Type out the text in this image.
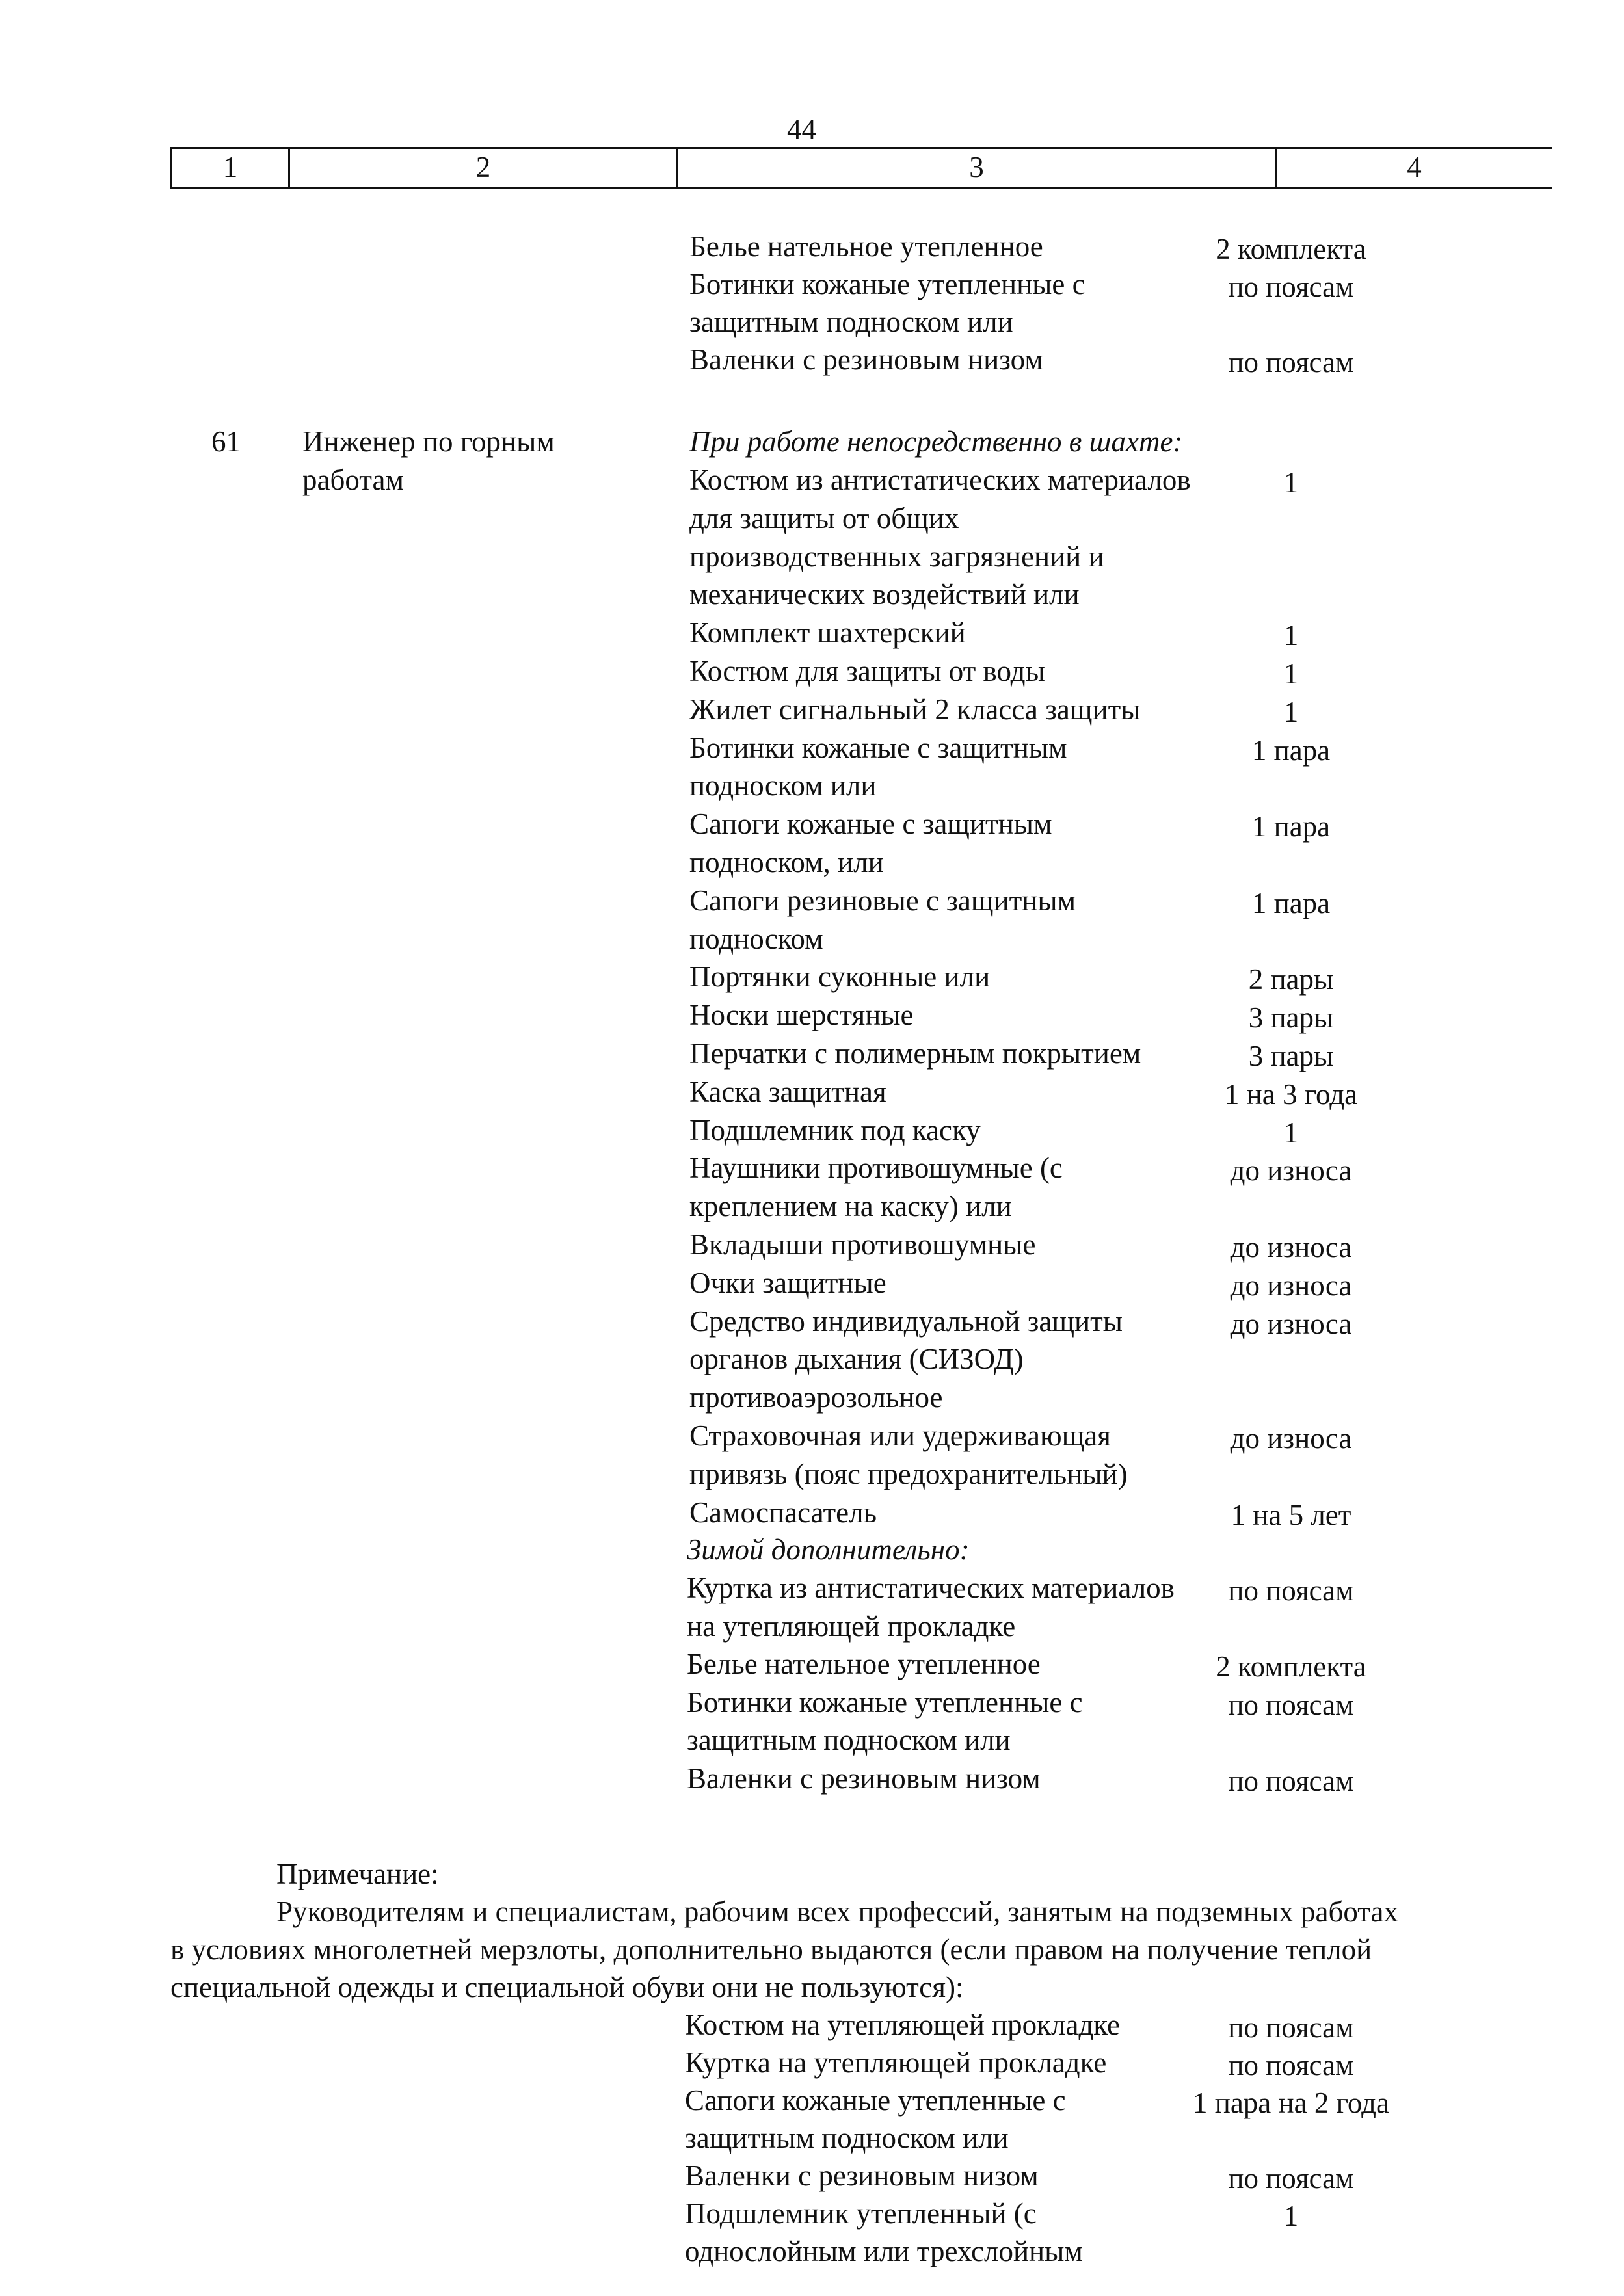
44
1	2	3	4
Белье нательное утепленное	2 комплекта
Ботинки кожаные утепленные с	по поясам
защитным подноском или
Валенки с резиновым низом	по поясам
61 Инженер по горным
работам
При работе непосредственно в шахте:
Костюм из антистатических материалов	1
для защиты от общих
производственных загрязнений и
механических воздействий или
Комплект шахтерский	1
Костюм для защиты от воды	1
Жилет сигнальный 2 класса защиты	1
Ботинки кожаные с защитным	1 пара
подноском или
Сапоги кожаные с защитным	1 пара
подноском, или
Сапоги резиновые с защитным	1 пара
подноском
Портянки суконные или	2 пары
Носки шерстяные	3 пары
Перчатки с полимерным покрытием	3 пары
Каска защитная	1 на 3 года
Подшлемник под каску	1
Наушники противошумные (с	до износа
креплением на каску) или
Вкладыши противошумные	до износа
Очки защитные	до износа
Средство индивидуальной защиты	до износа
органов дыхания (СИЗОД)
противоаэрозольное
Страховочная или удерживающая	до износа
привязь (пояс предохранительный)
Самоспасатель	1 на 5 лет
Зимой дополнительно:
Куртка из антистатических материалов	по поясам
на утепляющей прокладке
Белье нательное утепленное	2 комплекта
Ботинки кожаные утепленные с	по поясам
защитным подноском или
Валенки с резиновым низом	по поясам
Примечание:
Руководителям и специалистам, рабочим всех профессий, занятым на подземных работах
в условиях многолетней мерзлоты, дополнительно выдаются (если правом на получение теплой
специальной одежды и специальной обуви они не пользуются):
Костюм на утепляющей прокладке	по поясам
Куртка на утепляющей прокладке	по поясам
Сапоги кожаные утепленные с	1 пара на 2 года
защитным подноском или
Валенки с резиновым низом	по поясам
Подшлемник утепленный (с	1
однослойным или трехслойным
